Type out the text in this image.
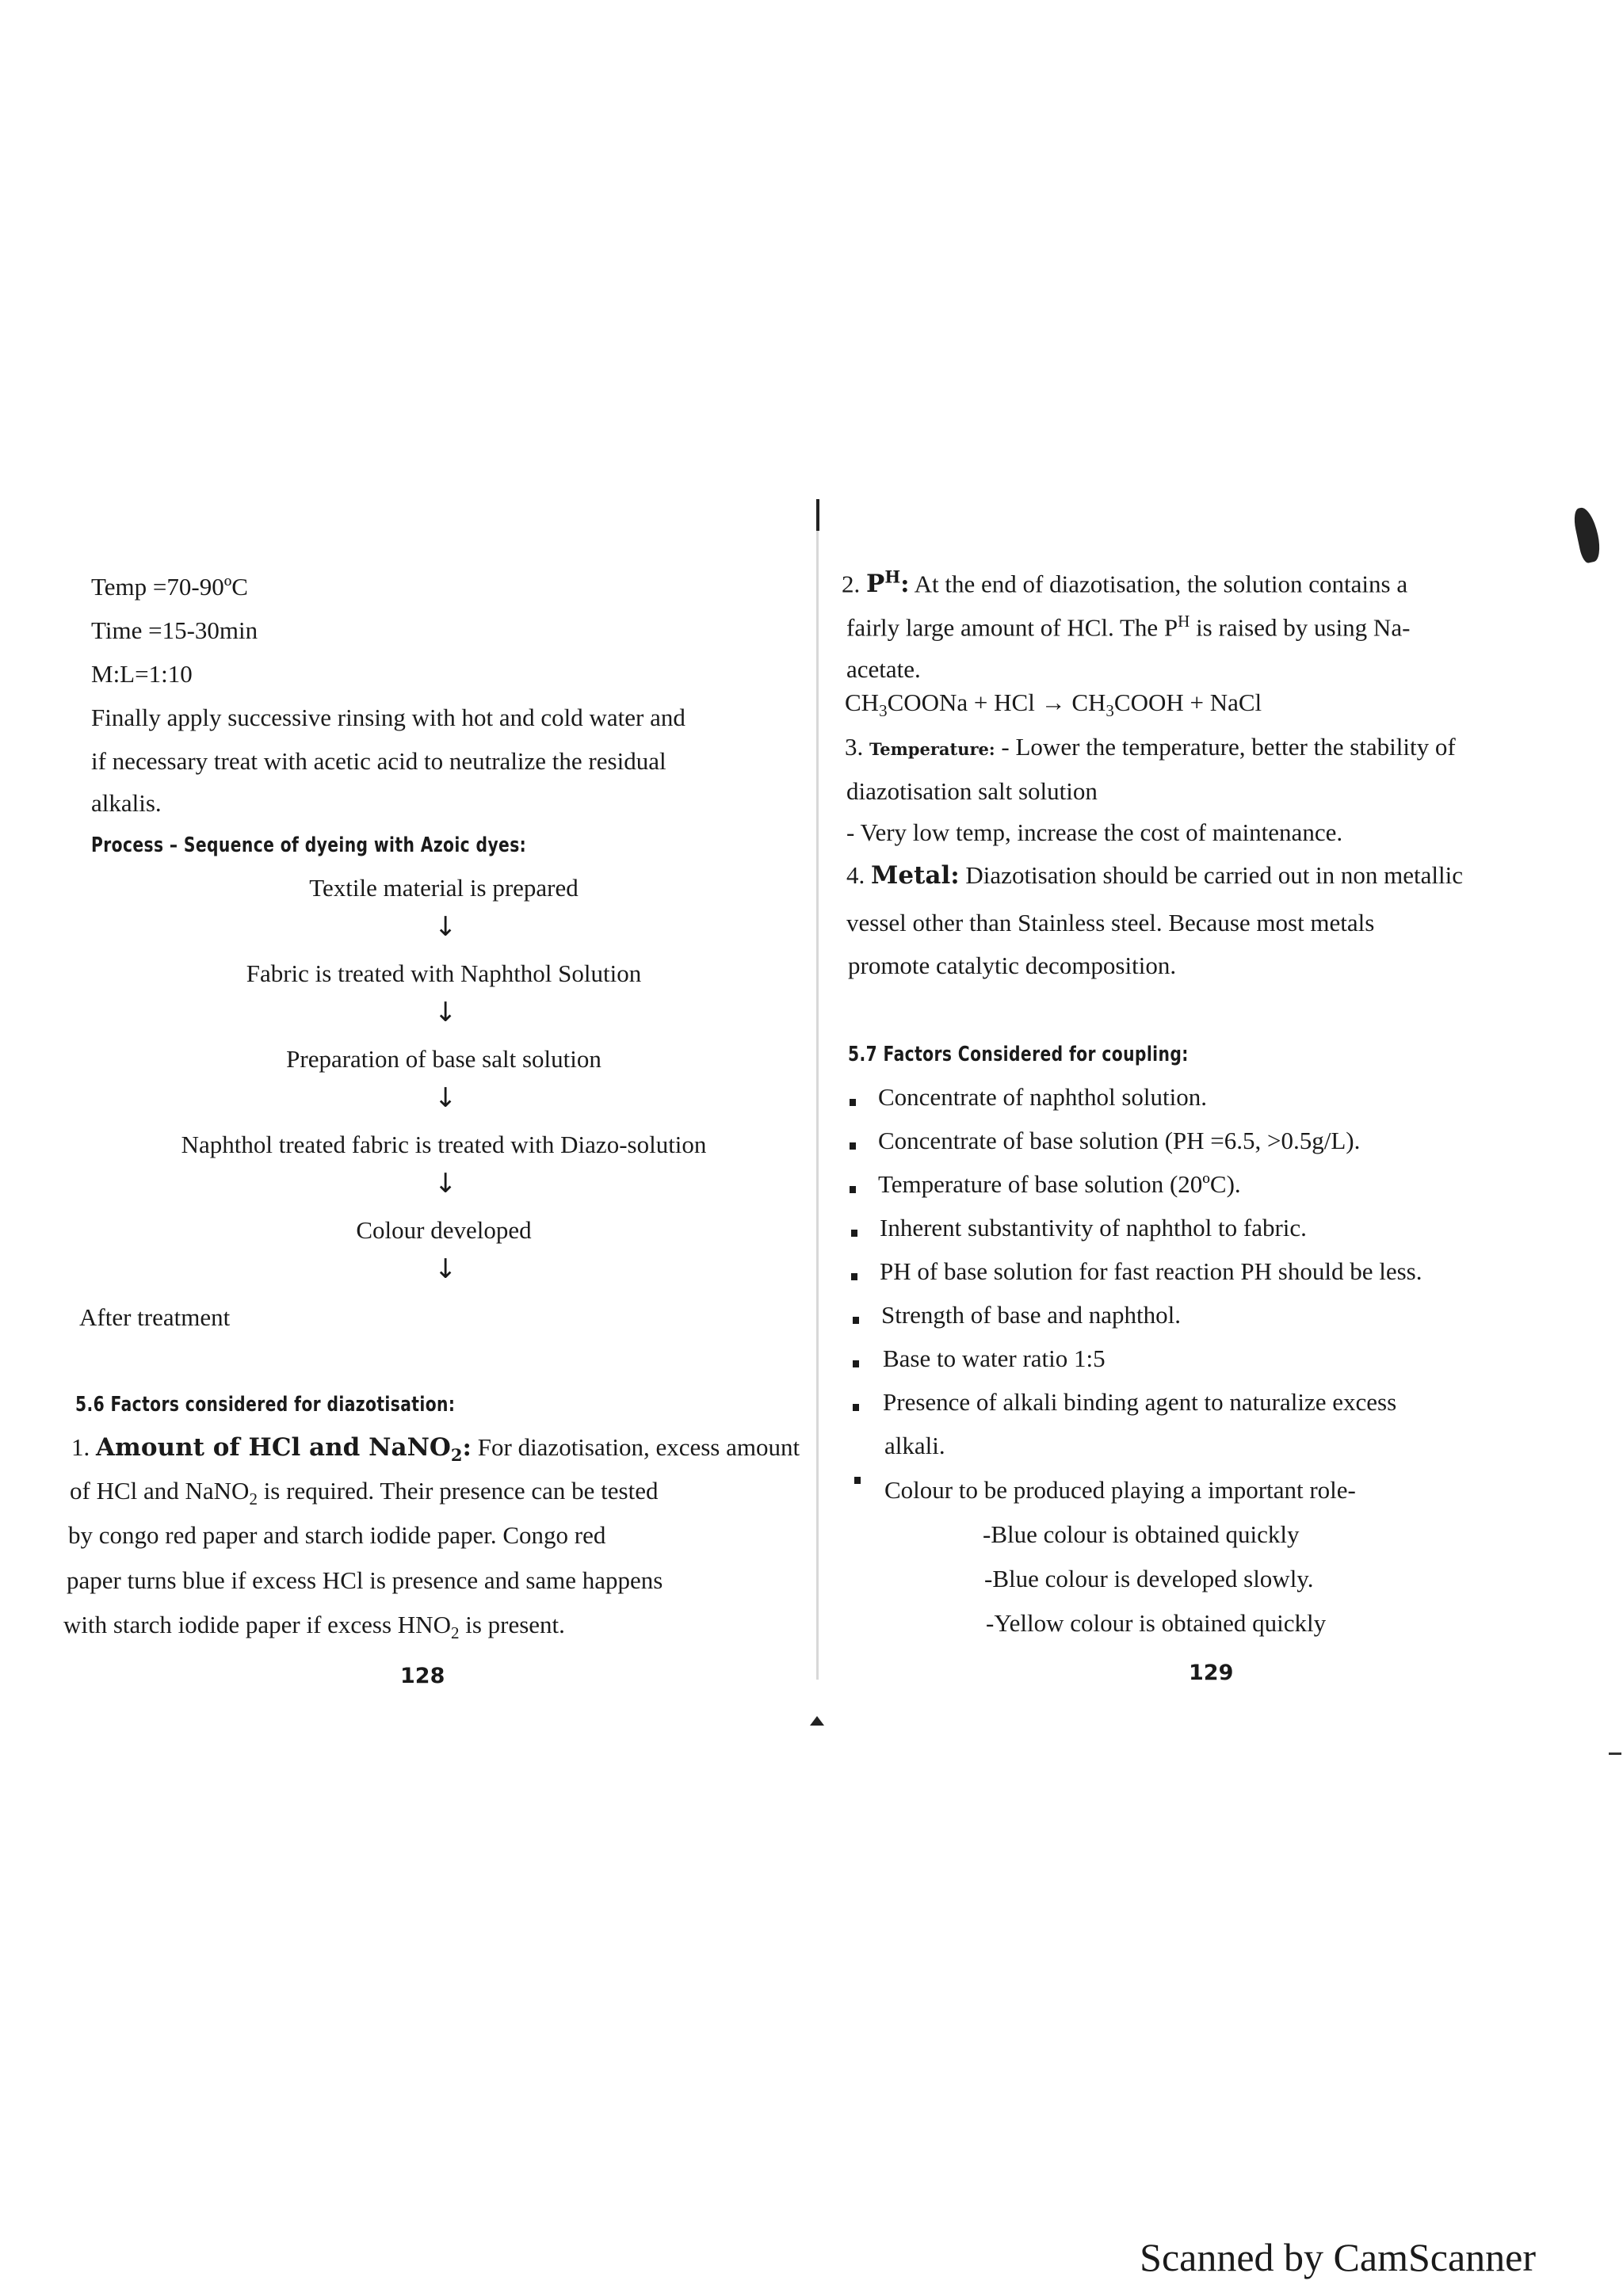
Temp =70-90ºC
Time =15-30min
M:L=1:10
Finally apply successive rinsing with hot and cold water and
if necessary treat with acetic acid to neutralize the residual
alkalis.
Process – Sequence of dyeing with Azoic dyes:
Textile material is prepared
↓
Fabric is treated with Naphthol Solution
↓
Preparation of base salt solution
↓
Naphthol treated fabric is treated with Diazo-solution
↓
Colour developed
↓
After treatment
5.6 Factors considered for diazotisation:
1. Amount of HCl and NaNO$_2$: For diazotisation, excess amount
of HCl and NaNO$_2$ is required. Their presence can be tested
by congo red paper and starch iodide paper. Congo red
paper turns blue if excess HCl is presence and same happens
with starch iodide paper if excess $HNO_2$ is present.
128
2. $P^H$: At the end of diazotisation, the solution contains a
fairly large amount of HCl. The $P^H$ is raised by using Na-
acetate.
$CH_3COONa$ + HCl → $CH_3COOH$ + NaCl
3. Temperature: - Lower the temperature, better the stability of
diazotisation salt solution
- Very low temp, increase the cost of maintenance.
4. Metal: Diazotisation should be carried out in non metallic
vessel other than Stainless steel. Because most metals
promote catalytic decomposition.
5.7 Factors Considered for coupling:
Concentrate of naphthol solution.
Concentrate of base solution (PH =6.5, >0.5g/L).
Temperature of base solution (20ºC).
Inherent substantivity of naphthol to fabric.
PH of base solution for fast reaction PH should be less.
Strength of base and naphthol.
Base to water ratio 1:5
Presence of alkali binding agent to naturalize excess
alkali.
Colour to be produced playing a important role-
-Blue colour is obtained quickly
-Blue colour is developed slowly.
-Yellow colour is obtained quickly
129
Scanned by CamScanner
